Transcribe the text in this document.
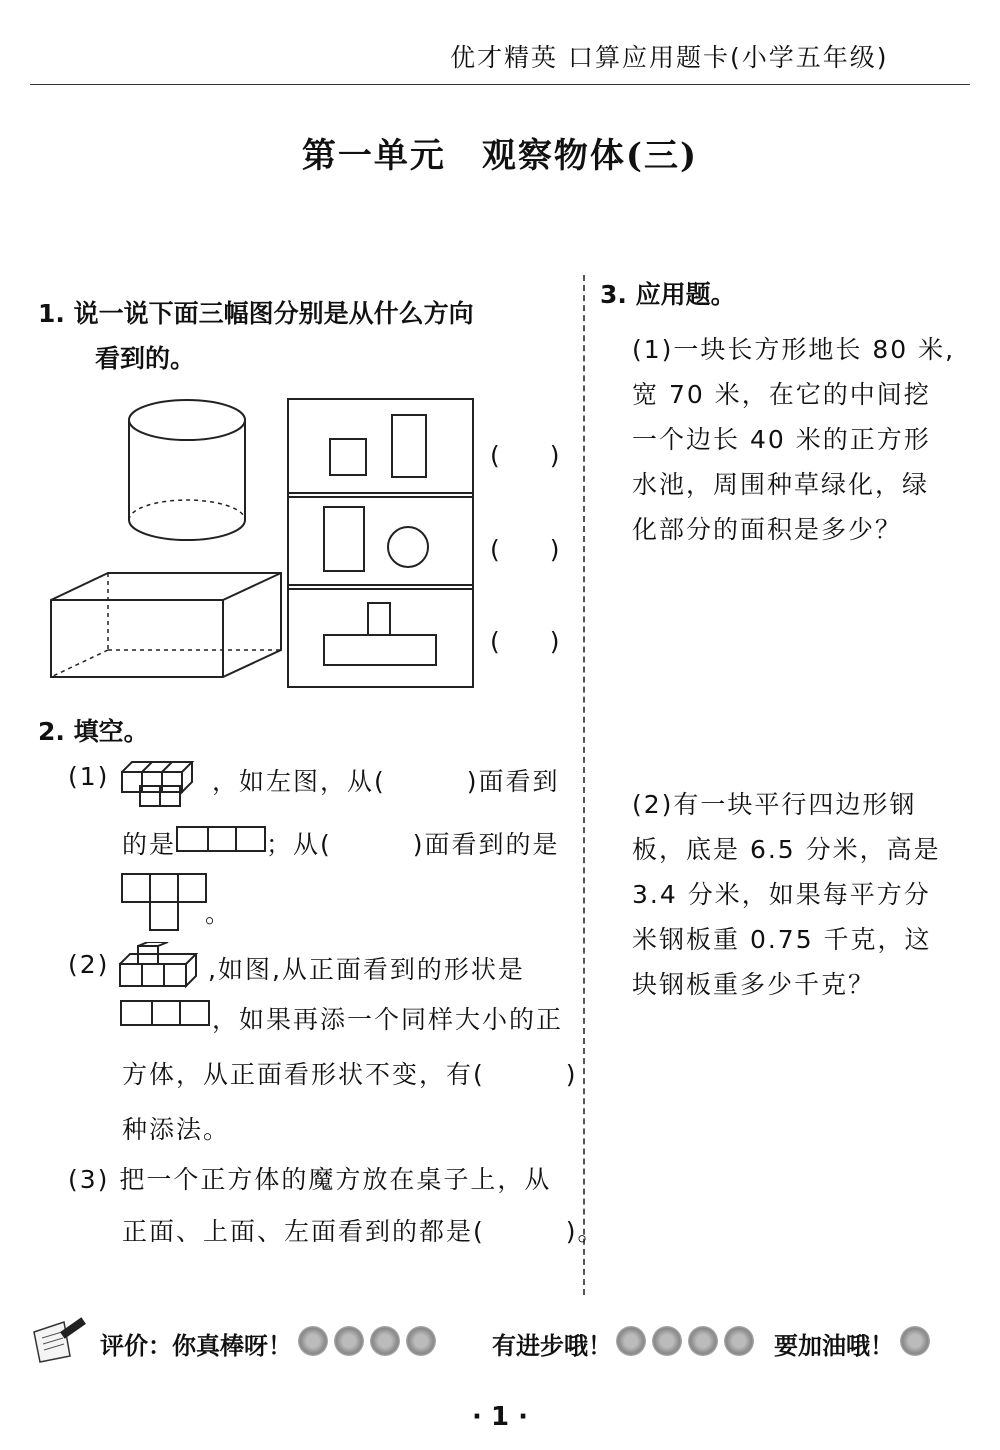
优才精英 口算应用题卡(小学五年级)
第一单元　观察物体(三)
1. 说一说下面三幅图分别是从什么方向
看到的。
(　　)
(　　)
(　　)
2. 填空。
(1)	，如左图，从(　　　)面看到
的是	；从(　　　)面看到的是
。
(2)	,如图,从正面看到的形状是
，如果再添一个同样大小的正
方体，从正面看形状不变，有(　　　)
种添法。
(3) 把一个正方体的魔方放在桌子上，从
正面、上面、左面看到的都是(　　　)。
3. 应用题。
(1)一块长方形地长 80 米,
宽 70 米，在它的中间挖
一个边长 40 米的正方形
水池，周围种草绿化，绿
化部分的面积是多少？
(2)有一块平行四边形钢
板，底是 6.5 分米，高是
3.4 分米，如果每平方分
米钢板重 0.75 千克，这
块钢板重多少千克？
评价：你真棒呀！	有进步哦！	要加油哦！
· 1 ·
